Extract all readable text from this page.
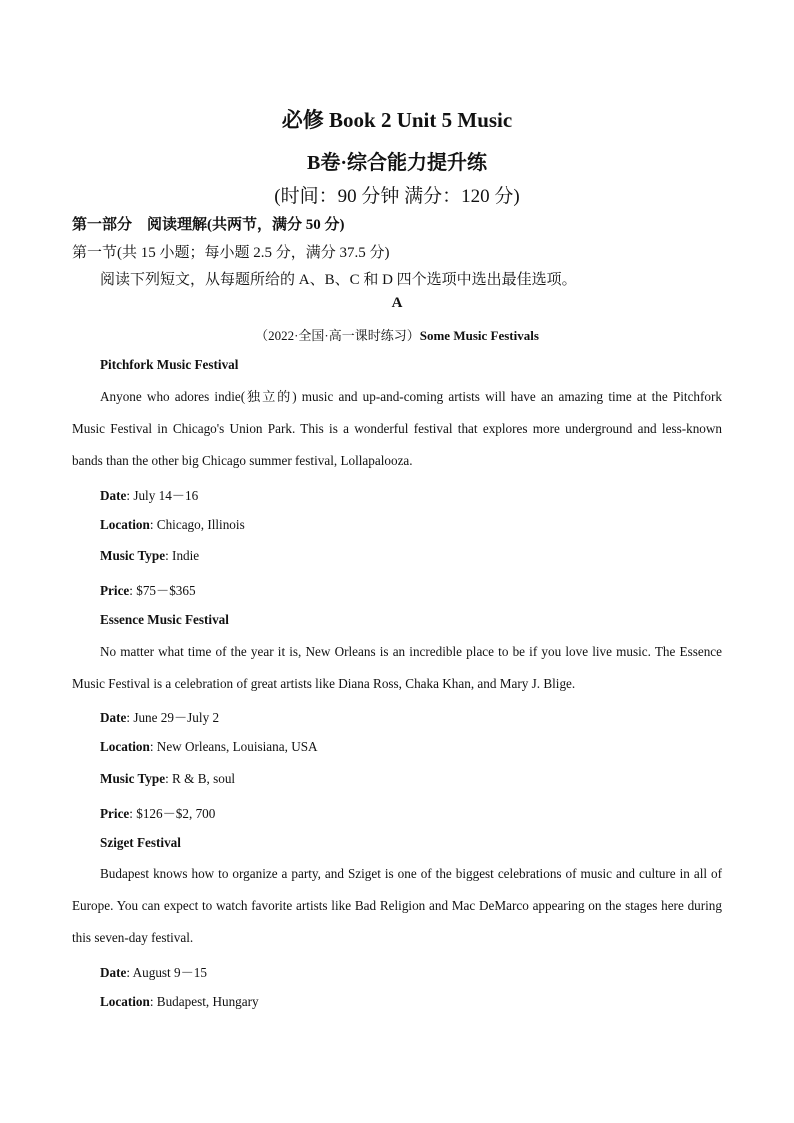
必修 Book 2 Unit 5 Music
B卷·综合能力提升练
(时间：90 分钟 满分：120 分)
第一部分　阅读理解(共两节，满分 50 分)
第一节(共 15 小题；每小题 2.5 分，满分 37.5 分)
阅读下列短文，从每题所给的 A、B、C 和 D 四个选项中选出最佳选项。
A
（2022·全国·高一课时练习）Some Music Festivals
Pitchfork Music Festival
Anyone who adores indie(独立的) music and up-and-coming artists will have an amazing time at the Pitchfork Music Festival in Chicago's Union Park. This is a wonderful festival that explores more underground and less-known bands than the other big Chicago summer festival, Lollapalooza.
Date: July 14－16
Location: Chicago, Illinois
Music Type: Indie
Price: $75－$365
Essence Music Festival
No matter what time of the year it is, New Orleans is an incredible place to be if you love live music. The Essence Music Festival is a celebration of great artists like Diana Ross, Chaka Khan, and Mary J. Blige.
Date: June 29－July 2
Location: New Orleans, Louisiana, USA
Music Type: R & B, soul
Price: $126－$2, 700
Sziget Festival
Budapest knows how to organize a party, and Sziget is one of the biggest celebrations of music and culture in all of Europe. You can expect to watch favorite artists like Bad Religion and Mac DeMarco appearing on the stages here during this seven-day festival.
Date: August 9－15
Location: Budapest, Hungary
